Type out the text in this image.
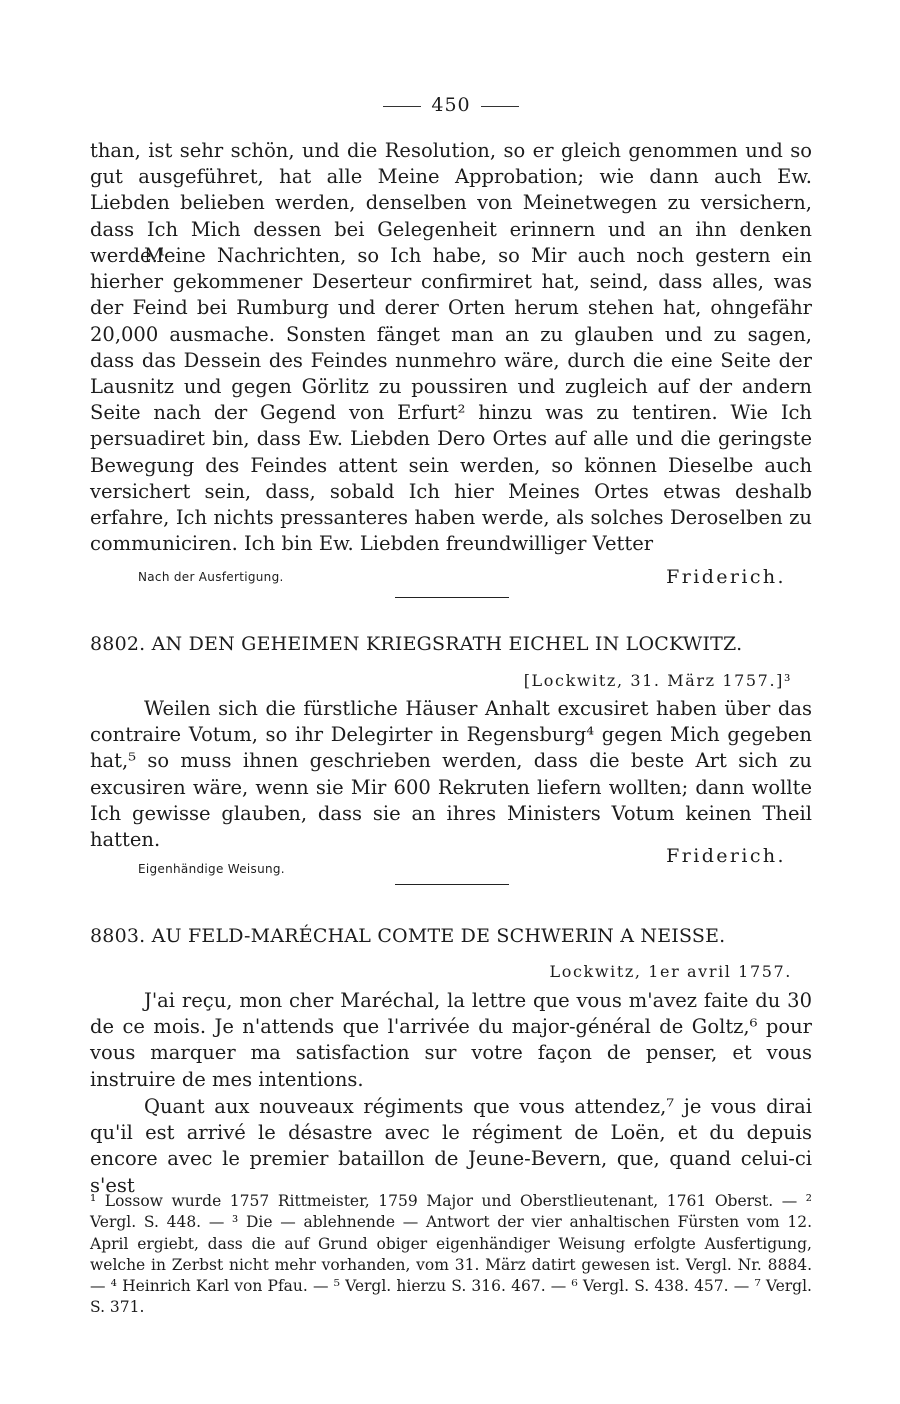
450
than, ist sehr schön, und die Resolution, so er gleich genommen und so gut ausgeführet, hat alle Meine Approbation; wie dann auch Ew. Liebden belieben werden, denselben von Meinetwegen zu versichern, dass Ich Mich dessen bei Gelegenheit erinnern und an ihn denken werde.¹
Meine Nachrichten, so Ich habe, so Mir auch noch gestern ein hierher gekommener Deserteur confirmiret hat, seind, dass alles, was der Feind bei Rumburg und derer Orten herum stehen hat, ohngefähr 20,000 ausmache. Sonsten fänget man an zu glauben und zu sagen, dass das Dessein des Feindes nunmehro wäre, durch die eine Seite der Lausnitz und gegen Görlitz zu poussiren und zugleich auf der andern Seite nach der Gegend von Erfurt² hinzu was zu tentiren. Wie Ich persuadiret bin, dass Ew. Liebden Dero Ortes auf alle und die geringste Bewegung des Feindes attent sein werden, so können Dieselbe auch versichert sein, dass, sobald Ich hier Meines Ortes etwas deshalb erfahre, Ich nichts pressanteres haben werde, als solches Deroselben zu communiciren. Ich bin Ew. Liebden freundwilliger Vetter
Nach der Ausfertigung.	Friderich.
8802. AN DEN GEHEIMEN KRIEGSRATH EICHEL IN LOCKWITZ.
[Lockwitz, 31. März 1757.]³
Weilen sich die fürstliche Häuser Anhalt excusiret haben über das contraire Votum, so ihr Delegirter in Regensburg⁴ gegen Mich gegeben hat,⁵ so muss ihnen geschrieben werden, dass die beste Art sich zu excusiren wäre, wenn sie Mir 600 Rekruten liefern wollten; dann wollte Ich gewisse glauben, dass sie an ihres Ministers Votum keinen Theil hatten.
Eigenhändige Weisung.
Friderich.
8803. AU FELD-MARÉCHAL COMTE DE SCHWERIN A NEISSE.
Lockwitz, 1er avril 1757.
J'ai reçu, mon cher Maréchal, la lettre que vous m'avez faite du 30 de ce mois. Je n'attends que l'arrivée du major-général de Goltz,⁶ pour vous marquer ma satisfaction sur votre façon de penser, et vous instruire de mes intentions.
Quant aux nouveaux régiments que vous attendez,⁷ je vous dirai qu'il est arrivé le désastre avec le régiment de Loën, et du depuis encore avec le premier bataillon de Jeune-Bevern, que, quand celui-ci s'est
¹ Lossow wurde 1757 Rittmeister, 1759 Major und Oberstlieutenant, 1761 Oberst. — ² Vergl. S. 448. — ³ Die — ablehnende — Antwort der vier anhaltischen Fürsten vom 12. April ergiebt, dass die auf Grund obiger eigenhändiger Weisung erfolgte Ausfertigung, welche in Zerbst nicht mehr vorhanden, vom 31. März datirt gewesen ist. Vergl. Nr. 8884. — ⁴ Heinrich Karl von Pfau. — ⁵ Vergl. hierzu S. 316. 467. — ⁶ Vergl. S. 438. 457. — ⁷ Vergl. S. 371.
